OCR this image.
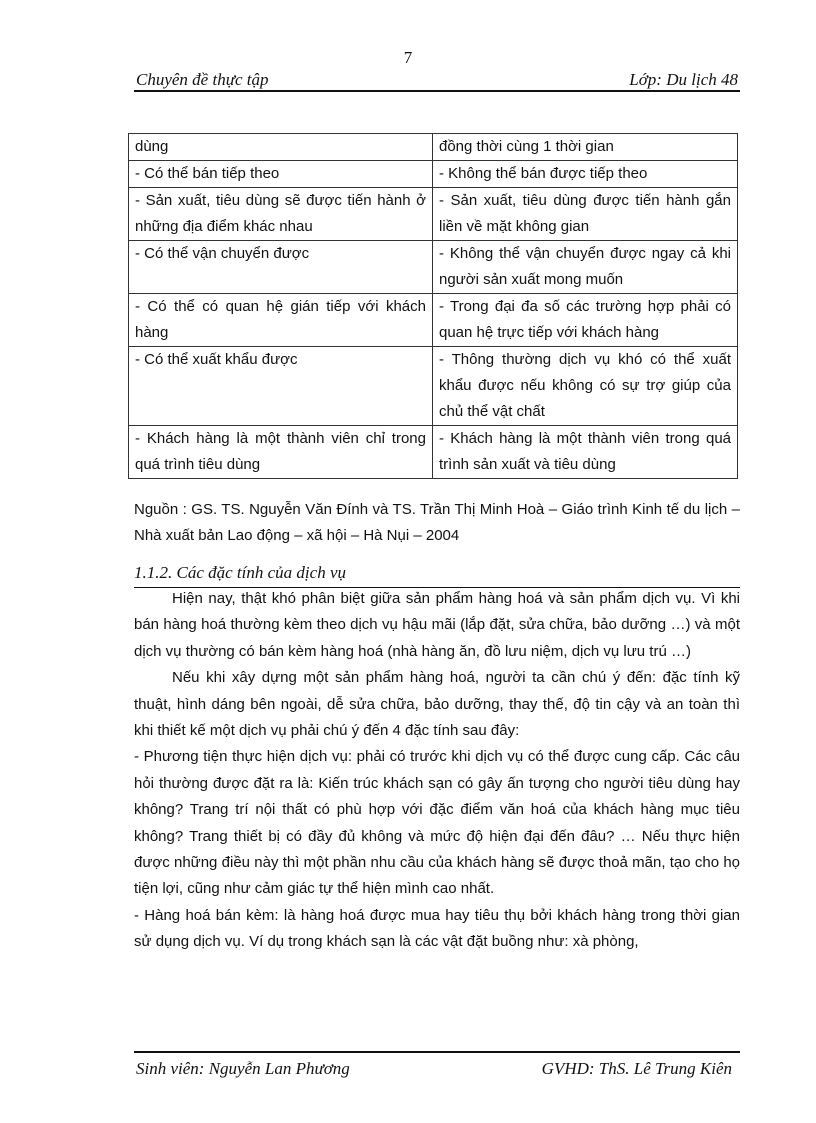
7
Chuyên đề thực tập	Lớp: Du lịch 48
dùng	đồng thời cùng 1 thời gian
- Có thể bán tiếp theo	- Không thể bán được tiếp theo
- Sản xuất, tiêu dùng sẽ được tiến hành ở những địa điểm khác nhau	- Sản xuất, tiêu dùng được tiến hành gắn liền về mặt không gian
- Có thể vận chuyển được	- Không thể vận chuyển được ngay cả khi người sản xuất mong muốn
- Có thể có quan hệ gián tiếp với khách hàng	- Trong đại đa số các trường hợp phải có quan hệ trực tiếp với khách hàng
- Có thể xuất khẩu được	- Thông thường dịch vụ khó có thể xuất khẩu được nếu không có sự trợ giúp của chủ thể vật chất
- Khách hàng là một thành viên chỉ trong quá trình tiêu dùng	- Khách hàng là một thành viên trong quá trình sản xuất và tiêu dùng
Nguồn : GS. TS. Nguyễn Văn Đính và TS. Trần Thị Minh Hoà – Giáo trình Kinh tế du lịch – Nhà xuất bản Lao động – xã hội – Hà Nụi – 2004
1.1.2. Các đặc tính của dịch vụ

Hiện nay, thật khó phân biệt giữa sản phẩm hàng hoá và sản phẩm dịch vụ. Vì khi bán hàng hoá thường kèm theo dịch vụ hậu mãi (lắp đặt, sửa chữa, bảo dưỡng …) và một dịch vụ thường có bán kèm hàng hoá (nhà hàng ăn, đồ lưu niệm, dịch vụ lưu trú …)

Nếu khi xây dựng một sản phẩm hàng hoá, người ta cần chú ý đến: đặc tính kỹ thuật, hình dáng bên ngoài, dễ sửa chữa, bảo dưỡng, thay thế, độ tin cậy và an toàn thì khi thiết kế một dịch vụ phải chú ý đến 4 đặc tính sau đây:

- Phương tiện thực hiện dịch vụ: phải có trước khi dịch vụ có thể được cung cấp. Các câu hỏi thường được đặt ra là: Kiến trúc khách sạn có gây ấn tượng cho người tiêu dùng hay không? Trang trí nội thất có phù hợp với đặc điểm văn hoá của khách hàng mục tiêu không? Trang thiết bị có đầy đủ không và mức độ hiện đại đến đâu? … Nếu thực hiện được những điều này thì một phần nhu cầu của khách hàng sẽ được thoả mãn, tạo cho họ tiện lợi, cũng như cảm giác tự thể hiện mình cao nhất.

- Hàng hoá bán kèm: là hàng hoá được mua hay tiêu thụ bởi khách hàng trong thời gian sử dụng dịch vụ. Ví dụ trong khách sạn là các vật đặt buồng như: xà phòng,

Sinh viên: Nguyễn Lan Phương	GVHD: ThS. Lê Trung Kiên
